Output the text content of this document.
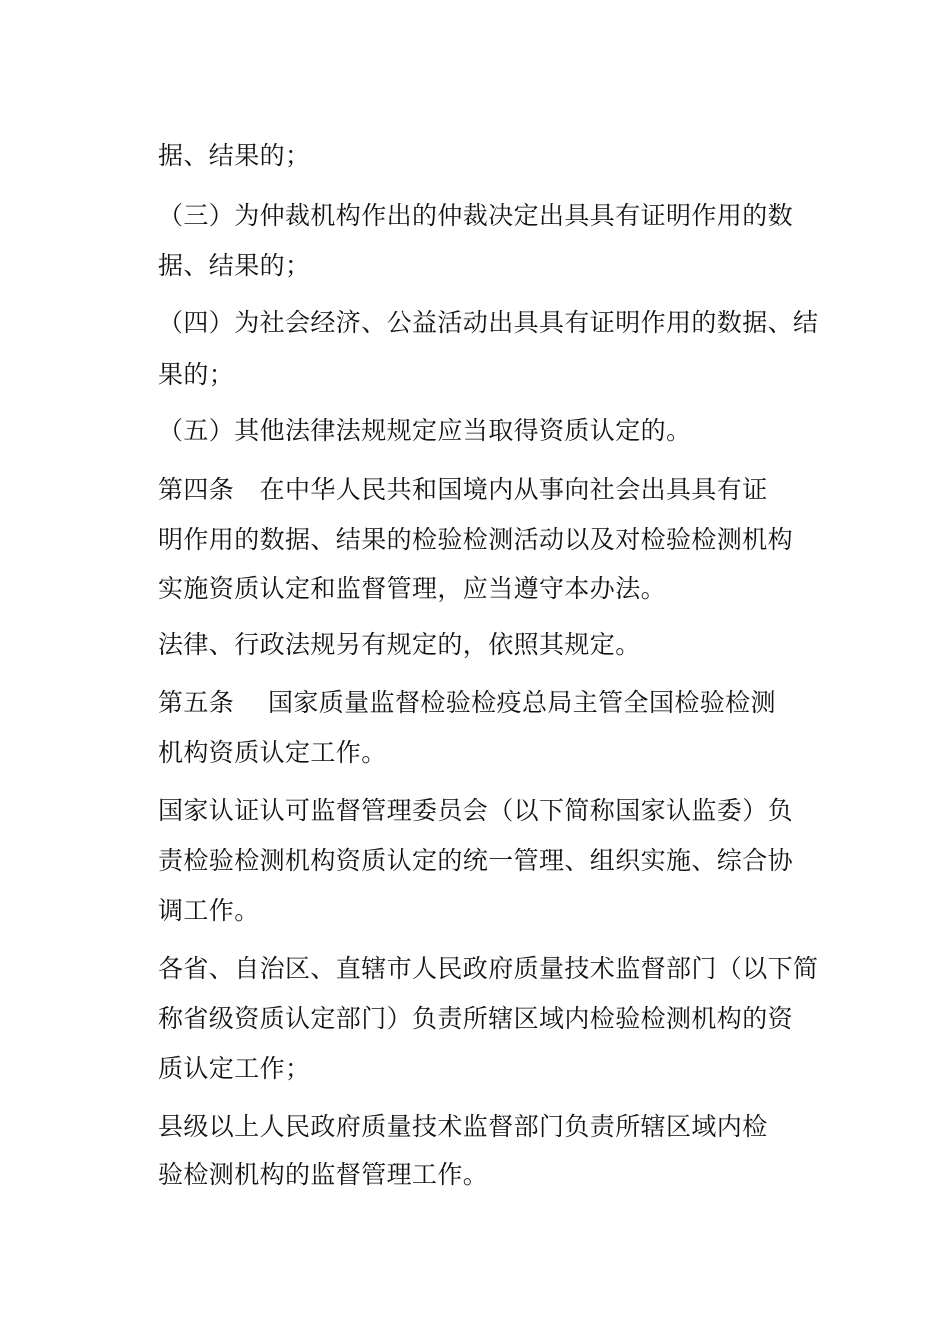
据、结果的；
（三）为仲裁机构作出的仲裁决定出具具有证明作用的数
据、结果的；
（四）为社会经济、公益活动出具具有证明作用的数据、结
果的；
（五）其他法律法规规定应当取得资质认定的。
第四条　在中华人民共和国境内从事向社会出具具有证
明作用的数据、结果的检验检测活动以及对检验检测机构
实施资质认定和监督管理，应当遵守本办法。
法律、行政法规另有规定的，依照其规定。
第五条　 国家质量监督检验检疫总局主管全国检验检测
机构资质认定工作。
国家认证认可监督管理委员会（以下简称国家认监委）负
责检验检测机构资质认定的统一管理、组织实施、综合协
调工作。
各省、自治区、直辖市人民政府质量技术监督部门（以下简
称省级资质认定部门）负责所辖区域内检验检测机构的资
质认定工作；
县级以上人民政府质量技术监督部门负责所辖区域内检
验检测机构的监督管理工作。
